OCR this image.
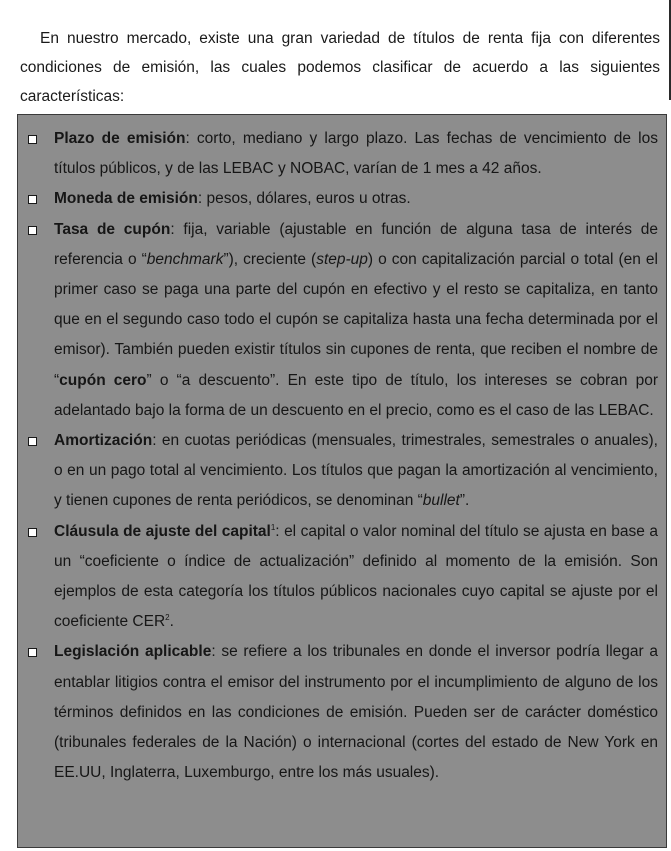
En nuestro mercado, existe una gran variedad de títulos de renta fija con diferentes condiciones de emisión, las cuales podemos clasificar de acuerdo a las siguientes características:

Plazo de emisión: corto, mediano y largo plazo. Las fechas de vencimiento de los títulos públicos, y de las LEBAC y NOBAC, varían de 1 mes a 42 años.
Moneda de emisión: pesos, dólares, euros u otras.
Tasa de cupón: fija, variable (ajustable en función de alguna tasa de interés de referencia o “benchmark”), creciente (step-up) o con capitalización parcial o total (en el primer caso se paga una parte del cupón en efectivo y el resto se capitaliza, en tanto que en el segundo caso todo el cupón se capitaliza hasta una fecha determinada por el emisor). También pueden existir títulos sin cupones de renta, que reciben el nombre de “cupón cero” o “a descuento”. En este tipo de título, los intereses se cobran por adelantado bajo la forma de un descuento en el precio, como es el caso de las LEBAC.
Amortización: en cuotas periódicas (mensuales, trimestrales, semestrales o anuales), o en un pago total al vencimiento. Los títulos que pagan la amortización al vencimiento, y tienen cupones de renta periódicos, se denominan “bullet”.
Cláusula de ajuste del capital$^1$: el capital o valor nominal del título se ajusta en base a un “coeficiente o índice de actualización” definido al momento de la emisión. Son ejemplos de esta categoría los títulos públicos nacionales cuyo capital se ajuste por el coeficiente CER$^2$.
Legislación aplicable: se refiere a los tribunales en donde el inversor podría llegar a entablar litigios contra el emisor del instrumento por el incumplimiento de alguno de los términos definidos en las condiciones de emisión. Pueden ser de carácter doméstico (tribunales federales de la Nación) o internacional (cortes del estado de New York en EE.UU, Inglaterra, Luxemburgo, entre los más usuales).
